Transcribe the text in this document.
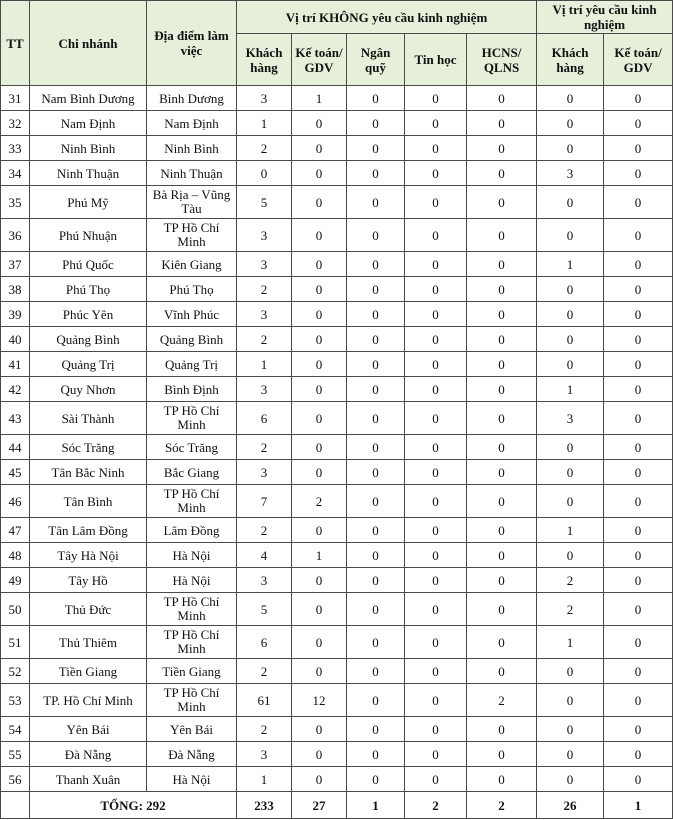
TT	Chi nhánh	Địa điểm làm việc	Vị trí KHÔNG yêu cầu kinh nghiệm					Vị trí yêu cầu kinh nghiệm	
			Khách hàng	Kế toán/ GDV	Ngân quỹ	Tin học	HCNS/ QLNS	Khách hàng	Kế toán/ GDV
31	Nam Bình Dương	Bình Dương	3	1	0	0	0	0	0
32	Nam Định	Nam Định	1	0	0	0	0	0	0
33	Ninh Bình	Ninh Bình	2	0	0	0	0	0	0
34	Ninh Thuận	Ninh Thuận	0	0	0	0	0	3	0
35	Phú Mỹ	Bà Rịa – Vũng Tàu	5	0	0	0	0	0	0
36	Phú Nhuận	TP Hồ Chí Minh	3	0	0	0	0	0	0
37	Phú Quốc	Kiên Giang	3	0	0	0	0	1	0
38	Phú Thọ	Phú Thọ	2	0	0	0	0	0	0
39	Phúc Yên	Vĩnh Phúc	3	0	0	0	0	0	0
40	Quảng Bình	Quảng Bình	2	0	0	0	0	0	0
41	Quảng Trị	Quảng Trị	1	0	0	0	0	0	0
42	Quy Nhơn	Bình Định	3	0	0	0	0	1	0
43	Sài Thành	TP Hồ Chí Minh	6	0	0	0	0	3	0
44	Sóc Trăng	Sóc Trăng	2	0	0	0	0	0	0
45	Tân Bắc Ninh	Bắc Giang	3	0	0	0	0	0	0
46	Tân Bình	TP Hồ Chí Minh	7	2	0	0	0	0	0
47	Tân Lâm Đồng	Lâm Đồng	2	0	0	0	0	1	0
48	Tây Hà Nội	Hà Nội	4	1	0	0	0	0	0
49	Tây Hồ	Hà Nội	3	0	0	0	0	2	0
50	Thủ Đức	TP Hồ Chí Minh	5	0	0	0	0	2	0
51	Thủ Thiêm	TP Hồ Chí Minh	6	0	0	0	0	1	0
52	Tiền Giang	Tiền Giang	2	0	0	0	0	0	0
53	TP. Hồ Chí Minh	TP Hồ Chí Minh	61	12	0	0	2	0	0
54	Yên Bái	Yên Bái	2	0	0	0	0	0	0
55	Đà Nẵng	Đà Nẵng	3	0	0	0	0	0	0
56	Thanh Xuân	Hà Nội	1	0	0	0	0	0	0
	TỔNG: 292		233	27	1	2	2	26	1
